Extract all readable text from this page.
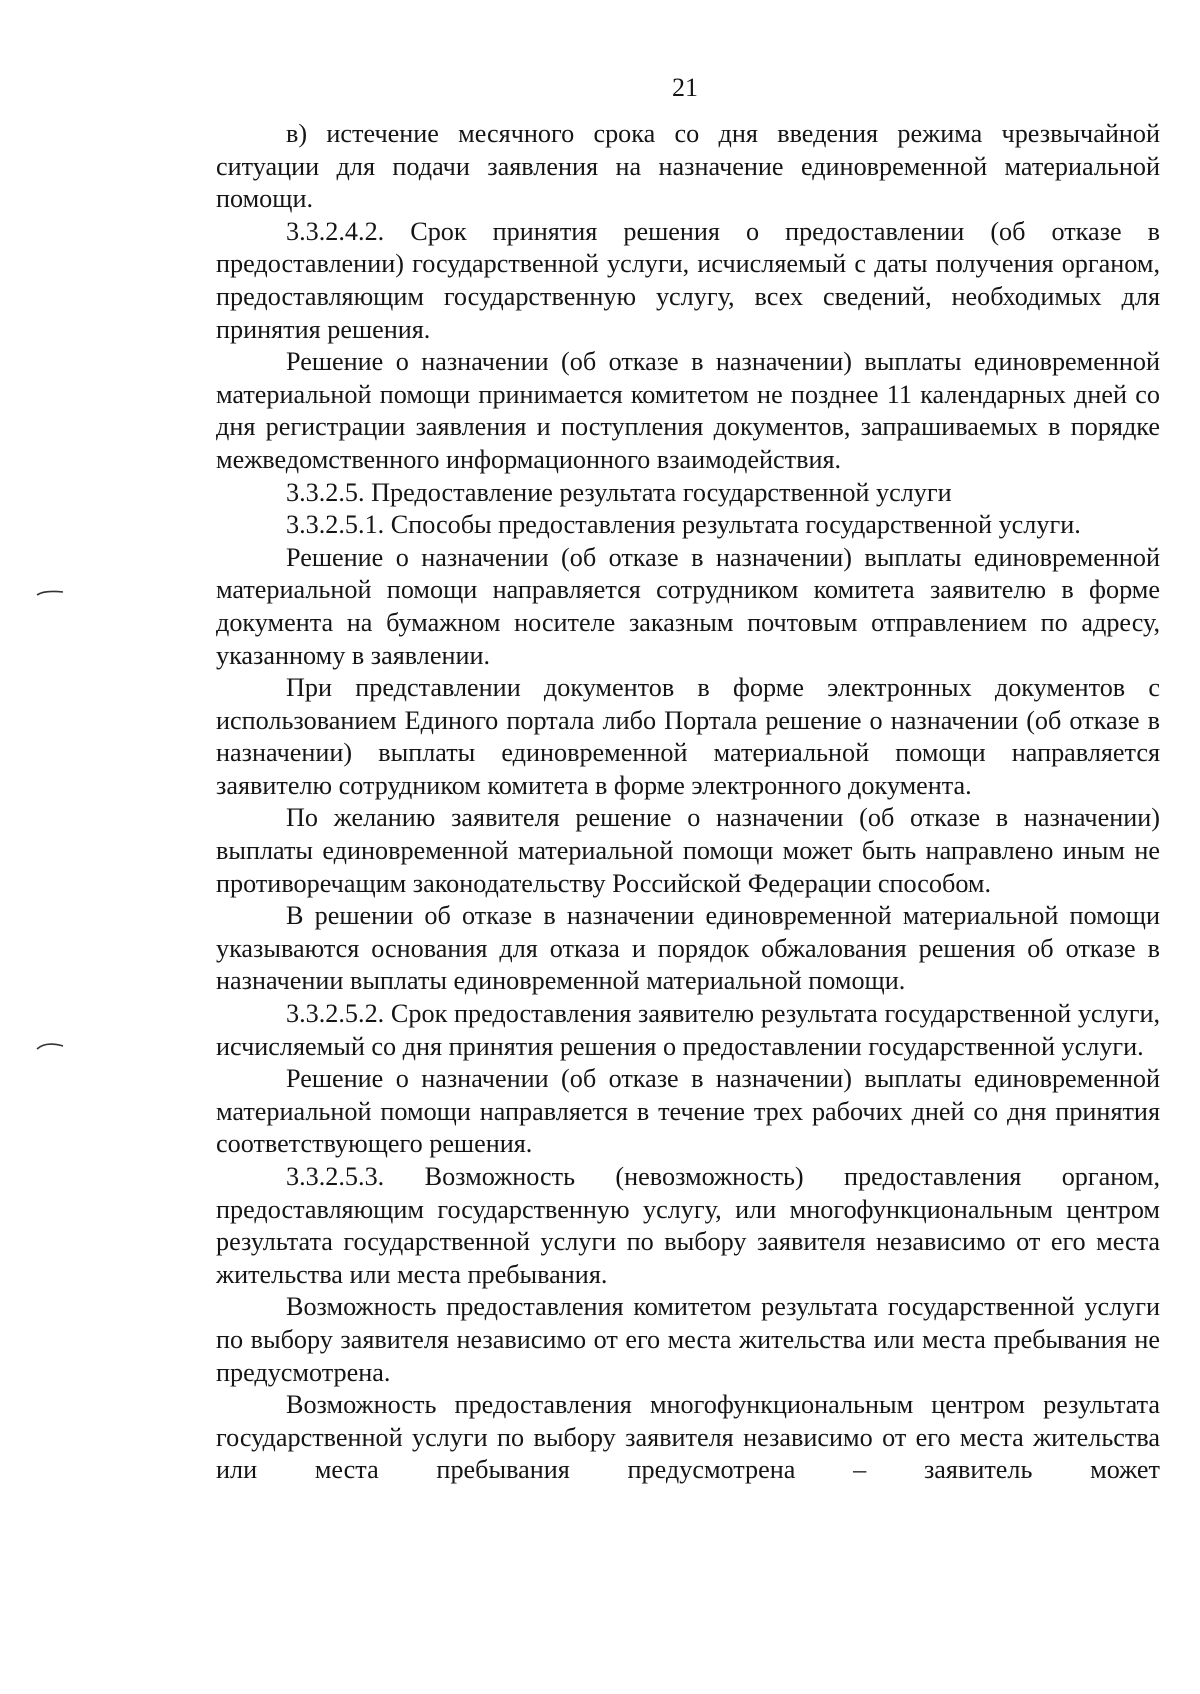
21

в) истечение месячного срока со дня введения режима чрезвычайной ситуации для подачи заявления на назначение единовременной материальной помощи.

3.3.2.4.2. Срок принятия решения о предоставлении (об отказе в предоставлении) государственной услуги, исчисляемый с даты получения органом, предоставляющим государственную услугу, всех сведений, необходимых для принятия решения.

Решение о назначении (об отказе в назначении) выплаты единовременной материальной помощи принимается комитетом не позднее 11 календарных дней со дня регистрации заявления и поступления документов, запрашиваемых в порядке межведомственного информационного взаимодействия.

3.3.2.5. Предоставление результата государственной услуги

3.3.2.5.1. Способы предоставления результата государственной услуги.

Решение о назначении (об отказе в назначении) выплаты единовременной материальной помощи направляется сотрудником комитета заявителю в форме документа на бумажном носителе заказным почтовым отправлением по адресу, указанному в заявлении.

При представлении документов в форме электронных документов с использованием Единого портала либо Портала решение о назначении (об отказе в назначении) выплаты единовременной материальной помощи направляется заявителю сотрудником комитета в форме электронного документа.

По желанию заявителя решение о назначении (об отказе в назначении) выплаты единовременной материальной помощи может быть направлено иным не противоречащим законодательству Российской Федерации способом.

В решении об отказе в назначении единовременной материальной помощи указываются основания для отказа и порядок обжалования решения об отказе в назначении выплаты единовременной материальной помощи.

3.3.2.5.2. Срок предоставления заявителю результата государственной услуги, исчисляемый со дня принятия решения о предоставлении государственной услуги.

Решение о назначении (об отказе в назначении) выплаты единовременной материальной помощи направляется в течение трех рабочих дней со дня принятия соответствующего решения.

3.3.2.5.3. Возможность (невозможность) предоставления органом, предоставляющим государственную услугу, или многофункциональным центром результата государственной услуги по выбору заявителя независимо от его места жительства или места пребывания.

Возможность предоставления комитетом результата государственной услуги по выбору заявителя независимо от его места жительства или места пребывания не предусмотрена.

Возможность предоставления многофункциональным центром результата государственной услуги по выбору заявителя независимо от его места жительства или места пребывания предусмотрена – заявитель может
